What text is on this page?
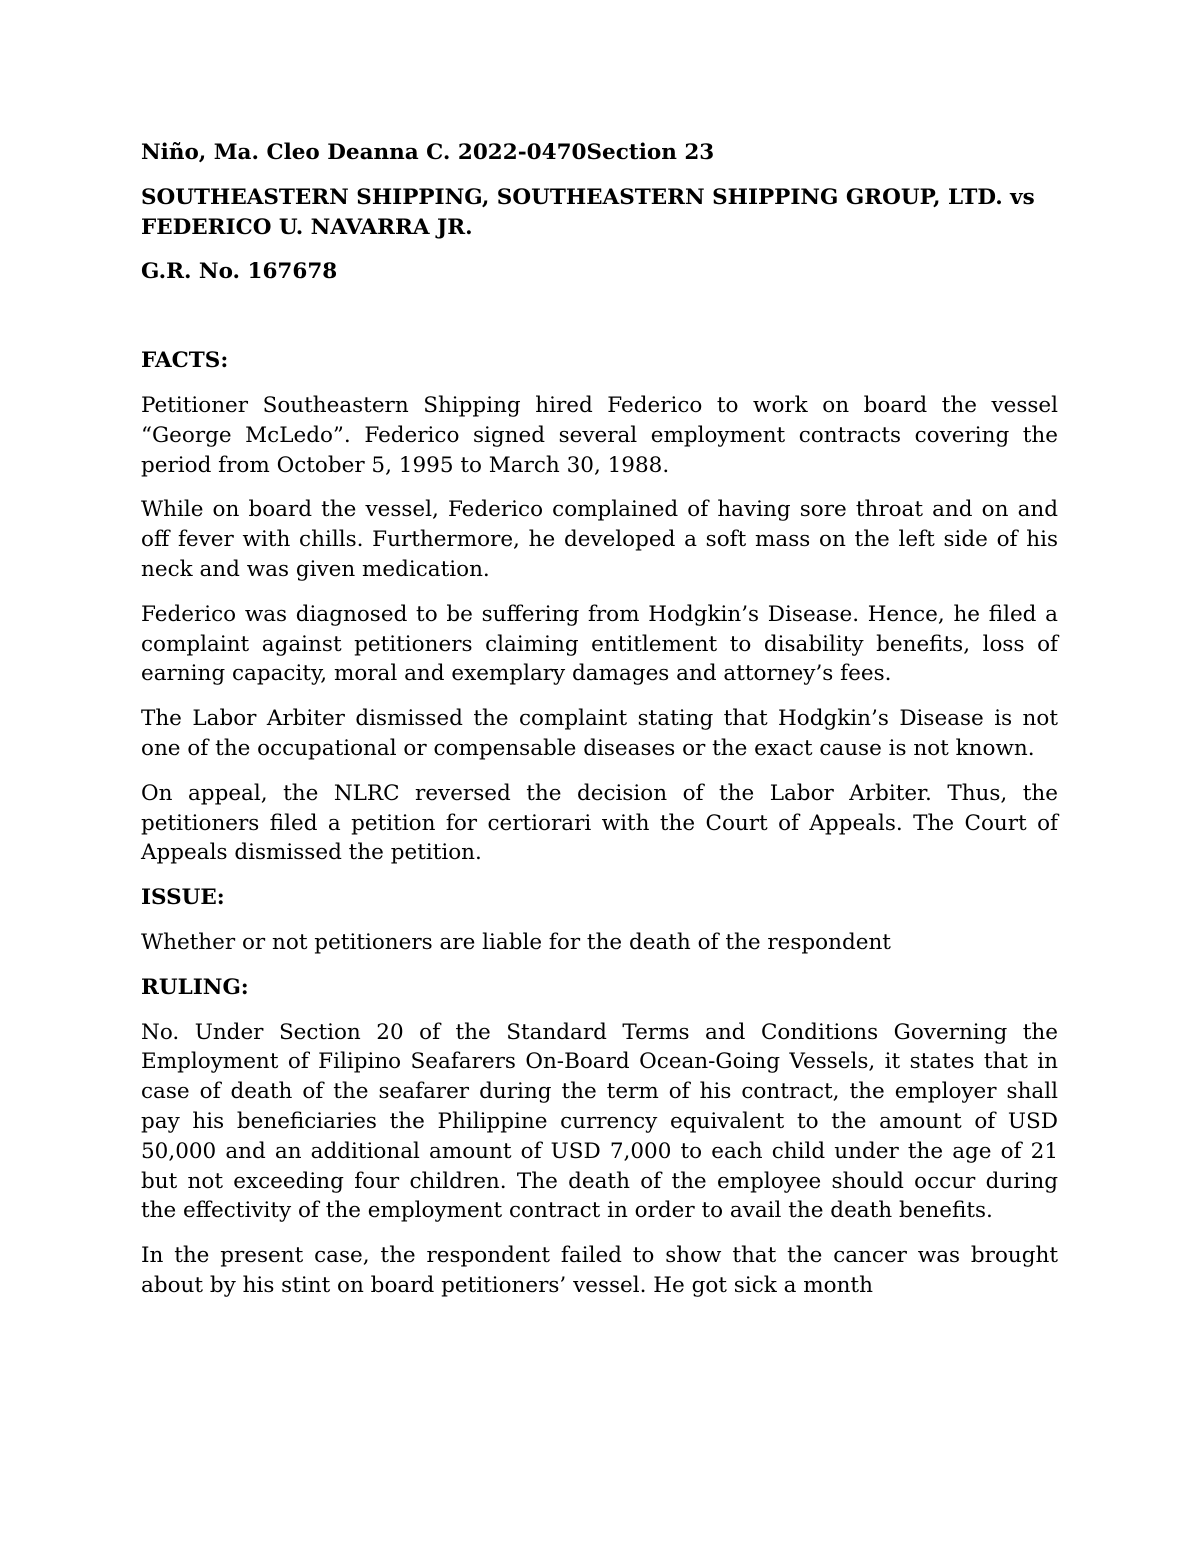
Niño, Ma. Cleo Deanna C. 2022-0470Section 23

SOUTHEASTERN SHIPPING, SOUTHEASTERN SHIPPING GROUP, LTD. vs FEDERICO U. NAVARRA JR.

G.R. No. 167678

FACTS:

Petitioner Southeastern Shipping hired Federico to work on board the vessel “George McLedo”. Federico signed several employment contracts covering the period from October 5, 1995 to March 30, 1988.

While on board the vessel, Federico complained of having sore throat and on and off fever with chills. Furthermore, he developed a soft mass on the left side of his neck and was given medication.

Federico was diagnosed to be suffering from Hodgkin’s Disease. Hence, he filed a complaint against petitioners claiming entitlement to disability benefits, loss of earning capacity, moral and exemplary damages and attorney’s fees.

The Labor Arbiter dismissed the complaint stating that Hodgkin’s Disease is not one of the occupational or compensable diseases or the exact cause is not known.

On appeal, the NLRC reversed the decision of the Labor Arbiter. Thus, the petitioners filed a petition for certiorari with the Court of Appeals. The Court of Appeals dismissed the petition.

ISSUE:

Whether or not petitioners are liable for the death of the respondent

RULING:

No. Under Section 20 of the Standard Terms and Conditions Governing the Employment of Filipino Seafarers On-Board Ocean-Going Vessels, it states that in case of death of the seafarer during the term of his contract, the employer shall pay his beneficiaries the Philippine currency equivalent to the amount of USD 50,000 and an additional amount of USD 7,000 to each child under the age of 21 but not exceeding four children. The death of the employee should occur during the effectivity of the employment contract in order to avail the death benefits.

In the present case, the respondent failed to show that the cancer was brought about by his stint on board petitioners’ vessel. He got sick a month
